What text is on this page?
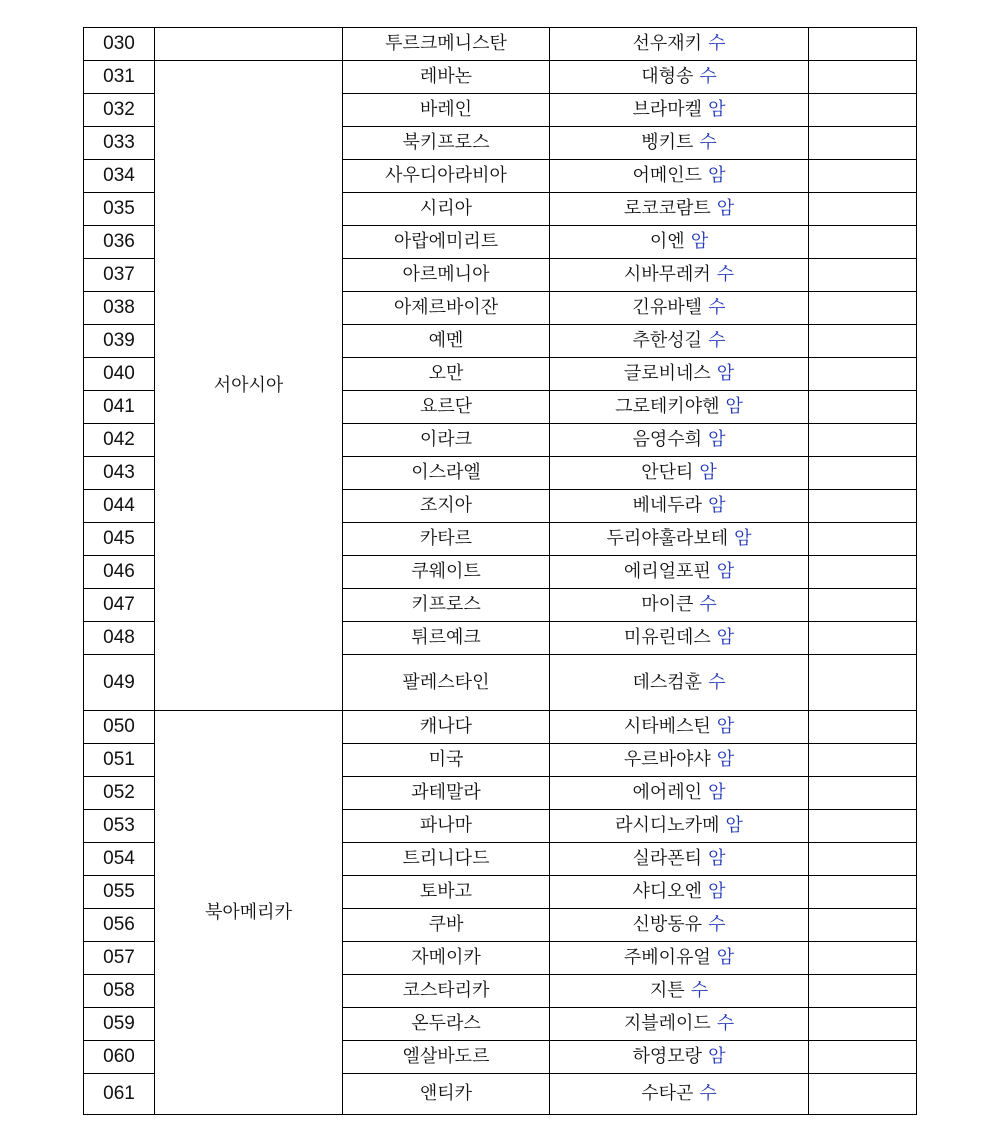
030		투르크메니스탄	선우재키 수	
031	서아시아	레바논	대형송 수	
032		바레인	브라마켈 암	
033		북키프로스	벵키트 수	
034		사우디아라비아	어메인드 암	
035		시리아	로코코람트 암	
036		아랍에미리트	이엔 암	
037		아르메니아	시바무레커 수	
038		아제르바이잔	긴유바텔 수	
039		예멘	추한성길 수	
040		오만	글로비네스 암	
041		요르단	그로테키야헨 암	
042		이라크	음영수희 암	
043		이스라엘	안단티 암	
044		조지아	베네두라 암	
045		카타르	두리야훌라보테 암	
046		쿠웨이트	에리얼포핀 암	
047		키프로스	마이큰 수	
048		튀르예크	미유린데스 암	
049		팔레스타인	데스컴훈 수	
050	북아메리카	캐나다	시타베스틴 암	
051		미국	우르바야샤 암	
052		과테말라	에어레인 암	
053		파나마	라시디노카메 암	
054		트리니다드	실라폰티 암	
055		토바고	샤디오엔 암	
056		쿠바	신방동유 수	
057		자메이카	주베이유얼 암	
058		코스타리카	지튼 수	
059		온두라스	지블레이드 수	
060		엘살바도르	하영모랑 암	
061		앤티카	수타곤 수	
